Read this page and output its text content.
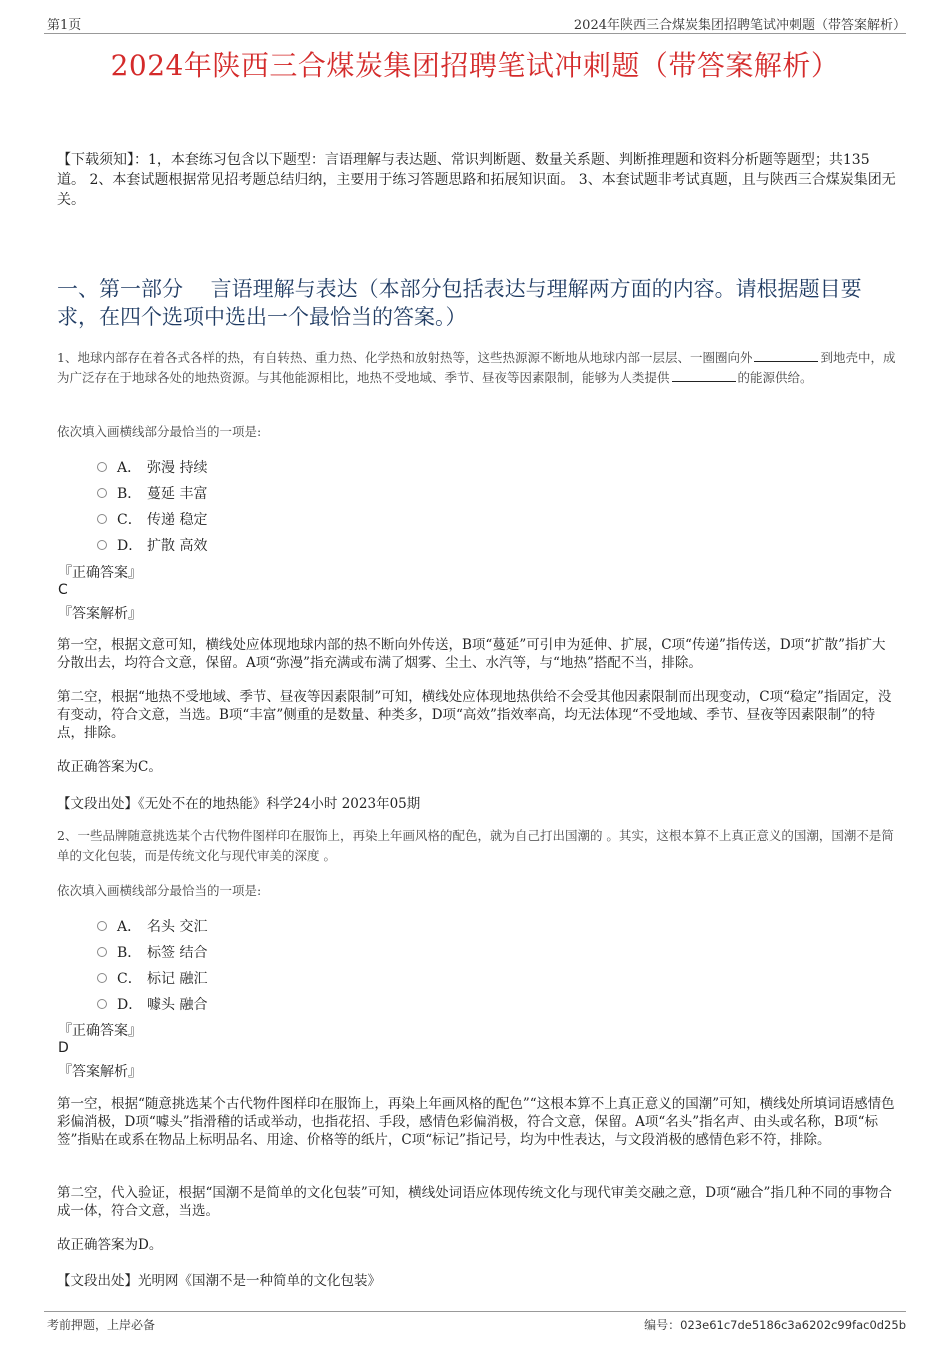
第1页	2024年陕西三合煤炭集团招聘笔试冲刺题（带答案解析）
2024年陕西三合煤炭集团招聘笔试冲刺题（带答案解析）
【下载须知】：1，本套练习包含以下题型：言语理解与表达题、常识判断题、数量关系题、判断推理题和资料分析题等题型；共135道。 2、本套试题根据常见招考题总结归纳，主要用于练习答题思路和拓展知识面。 3、本套试题非考试真题，且与陕西三合煤炭集团无关。
一、第一部分　 言语理解与表达（本部分包括表达与理解两方面的内容。请根据题目要求，在四个选项中选出一个最恰当的答案。）
1、地球内部存在着各式各样的热，有自转热、重力热、化学热和放射热等，这些热源源不断地从地球内部一层层、一圈圈向外	到地壳中，成为广泛存在于地球各处的地热资源。与其他能源相比，地热不受地域、季节、昼夜等因素限制，能够为人类提供	的能源供给。
依次填入画横线部分最恰当的一项是:
A． 弥漫 持续
B． 蔓延 丰富
C． 传递 稳定
D． 扩散 高效
『正确答案』
C
『答案解析』
第一空，根据文意可知，横线处应体现地球内部的热不断向外传送，B项“蔓延”可引申为延伸、扩展，C项“传递”指传送，D项“扩散”指扩大分散出去，均符合文意，保留。A项“弥漫”指充满或布满了烟雾、尘土、水汽等，与“地热”搭配不当，排除。
第二空，根据“地热不受地域、季节、昼夜等因素限制”可知，横线处应体现地热供给不会受其他因素限制而出现变动，C项“稳定”指固定，没有变动，符合文意，当选。B项“丰富”侧重的是数量、种类多，D项“高效”指效率高，均无法体现“不受地域、季节、昼夜等因素限制”的特点，排除。
故正确答案为C。
【文段出处】《无处不在的地热能》科学24小时 2023年05期
2、一些品牌随意挑选某个古代物件图样印在服饰上，再染上年画风格的配色，就为自己打出国潮的 。其实，这根本算不上真正意义的国潮，国潮不是简单的文化包装，而是传统文化与现代审美的深度 。
依次填入画横线部分最恰当的一项是:
A． 名头 交汇
B． 标签 结合
C． 标记 融汇
D． 噱头 融合
『正确答案』
D
『答案解析』
第一空，根据“随意挑选某个古代物件图样印在服饰上，再染上年画风格的配色”“这根本算不上真正意义的国潮”可知，横线处所填词语感情色彩偏消极，D项“噱头”指滑稽的话或举动，也指花招、手段，感情色彩偏消极，符合文意，保留。A项“名头”指名声、由头或名称，B项“标签”指贴在或系在物品上标明品名、用途、价格等的纸片，C项“标记”指记号，均为中性表达，与文段消极的感情色彩不符，排除。
第二空，代入验证，根据“国潮不是简单的文化包装”可知，横线处词语应体现传统文化与现代审美交融之意，D项“融合”指几种不同的事物合成一体，符合文意，当选。
故正确答案为D。
【文段出处】光明网《国潮不是一种简单的文化包装》
考前押题，上岸必备	编号：023e61c7de5186c3a6202c99fac0d25b
